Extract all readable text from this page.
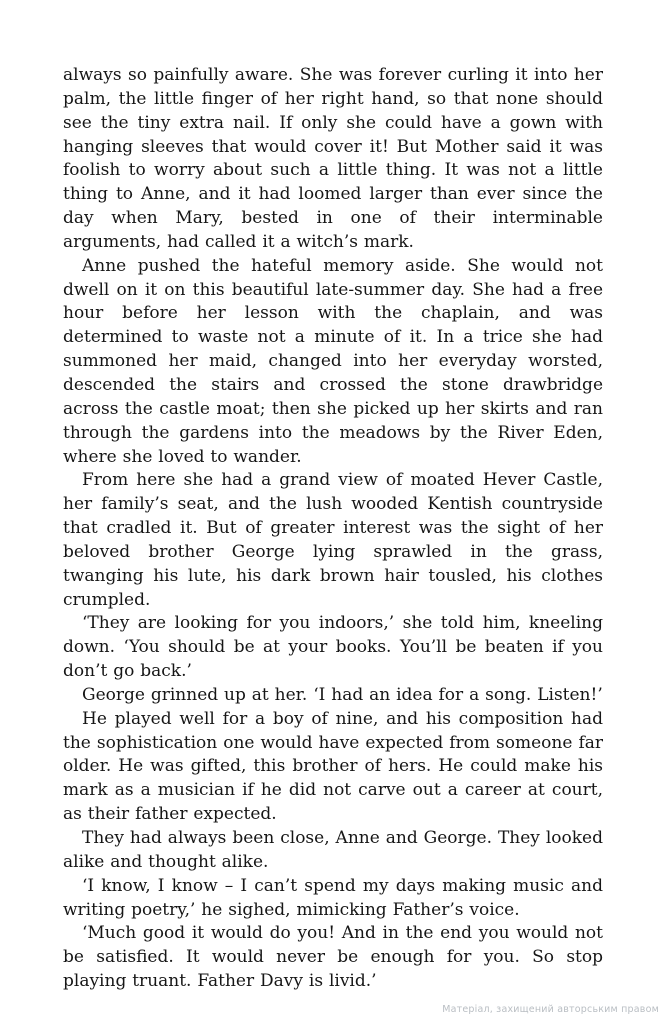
always so painfully aware. She was forever curling it into her palm, the little finger of her right hand, so that none should see the tiny extra nail. If only she could have a gown with hanging sleeves that would cover it! But Mother said it was foolish to worry about such a little thing. It was not a little thing to Anne, and it had loomed larger than ever since the day when Mary, bested in one of their interminable arguments, had called it a witch’s mark.

Anne pushed the hateful memory aside. She would not dwell on it on this beautiful late-summer day. She had a free hour before her lesson with the chaplain, and was determined to waste not a minute of it. In a trice she had summoned her maid, changed into her everyday worsted, descended the stairs and crossed the stone drawbridge across the castle moat; then she picked up her skirts and ran through the gardens into the meadows by the River Eden, where she loved to wander.

From here she had a grand view of moated Hever Castle, her family’s seat, and the lush wooded Kentish countryside that cradled it. But of greater interest was the sight of her beloved brother George lying sprawled in the grass, twanging his lute, his dark brown hair tousled, his clothes crumpled.

‘They are looking for you indoors,’ she told him, kneeling down. ‘You should be at your books. You’ll be beaten if you don’t go back.’

George grinned up at her. ‘I had an idea for a song. Listen!’

He played well for a boy of nine, and his composition had the sophistication one would have expected from someone far older. He was gifted, this brother of hers. He could make his mark as a musician if he did not carve out a career at court, as their father expected.

They had always been close, Anne and George. They looked alike and thought alike.

‘I know, I know – I can’t spend my days making music and writing poetry,’ he sighed, mimicking Father’s voice.

‘Much good it would do you! And in the end you would not be satisfied. It would never be enough for you. So stop playing truant. Father Davy is livid.’

Матеріал, захищений авторським правом
